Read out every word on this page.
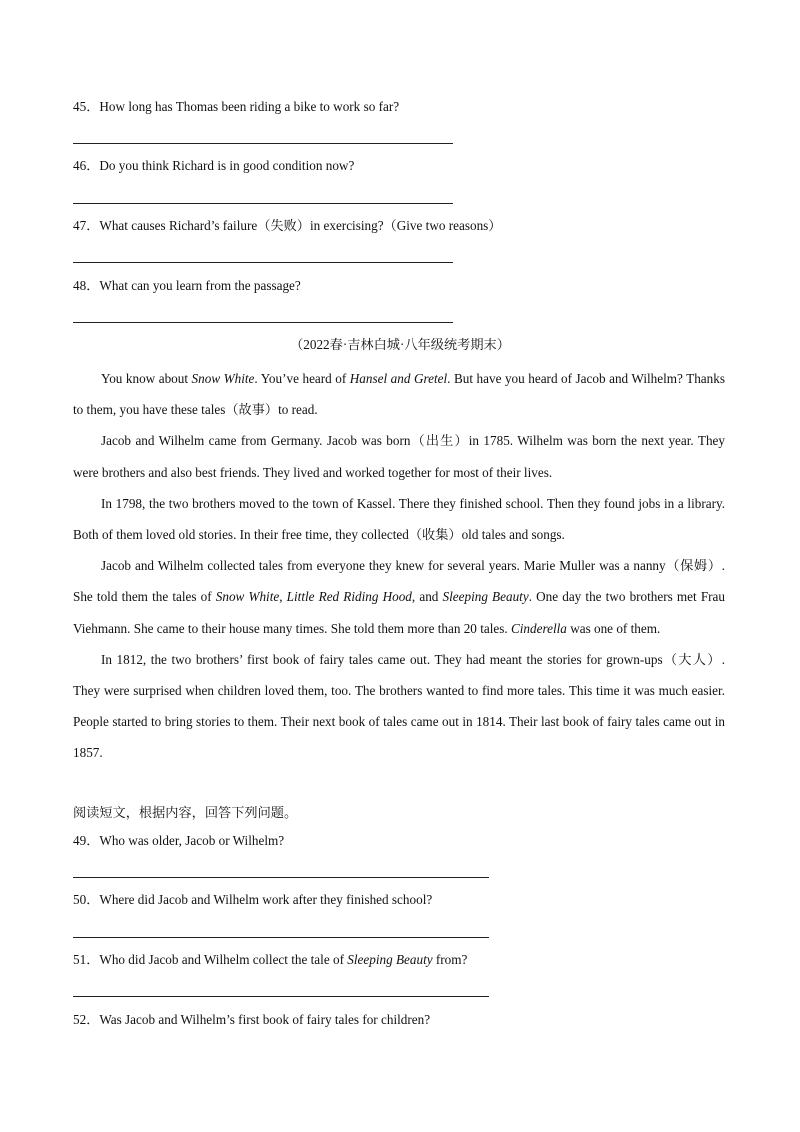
45．How long has Thomas been riding a bike to work so far?

46．Do you think Richard is in good condition now?

47．What causes Richard’s failure（失败）in exercising?（Give two reasons）

48．What can you learn from the passage?

（2022春·吉林白城·八年级统考期末）

You know about Snow White. You’ve heard of Hansel and Gretel. But have you heard of Jacob and Wilhelm? Thanks to them, you have these tales（故事）to read.

Jacob and Wilhelm came from Germany. Jacob was born（出生）in 1785. Wilhelm was born the next year. They were brothers and also best friends. They lived and worked together for most of their lives.

In 1798, the two brothers moved to the town of Kassel. There they finished school. Then they found jobs in a library. Both of them loved old stories. In their free time, they collected（收集）old tales and songs.

Jacob and Wilhelm collected tales from everyone they knew for several years. Marie Muller was a nanny（保姆）. She told them the tales of Snow White, Little Red Riding Hood, and Sleeping Beauty. One day the two brothers met Frau Viehmann. She came to their house many times. She told them more than 20 tales. Cinderella was one of them.

In 1812, the two brothers’ first book of fairy tales came out. They had meant the stories for grown-ups（大人）. They were surprised when children loved them, too. The brothers wanted to find more tales. This time it was much easier. People started to bring stories to them. Their next book of tales came out in 1814. Their last book of fairy tales came out in 1857.

阅读短文，根据内容，回答下列问题。

49．Who was older, Jacob or Wilhelm?

50．Where did Jacob and Wilhelm work after they finished school?

51．Who did Jacob and Wilhelm collect the tale of Sleeping Beauty from?

52．Was Jacob and Wilhelm’s first book of fairy tales for children?
